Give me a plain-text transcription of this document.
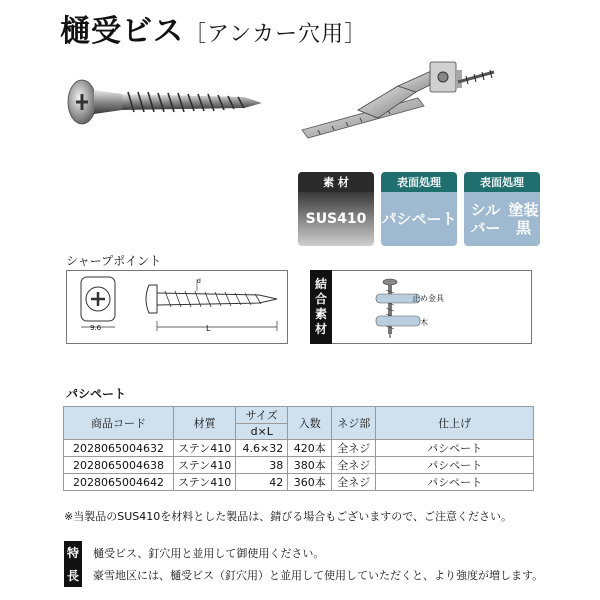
樋受ビス［アンカー穴用］
素 材
SUS410
表面処理
パシペート
表面処理
シルバー

塗装黒
シャープポイント
9.6	L
d	結
合
素
材
止め金具
木
パシペート
商品コード	材質	サイズ	入数	ネジ部	仕上げ
		d×L			
2028065004632	ステン410	4.6×32	420本	全ネジ	パシペート
2028065004638	ステン410	38	380本	全ネジ	パシペート
2028065004642	ステン410	42	360本	全ネジ	パシペート
※当製品のSUS410を材料とした製品は、錆びる場合もございますので、ご注意ください。
特
長
樋受ビス、釘穴用と並用して御使用ください。
豪雪地区には、樋受ビス（釘穴用）と並用して使用していただくと、より強度が増します。
